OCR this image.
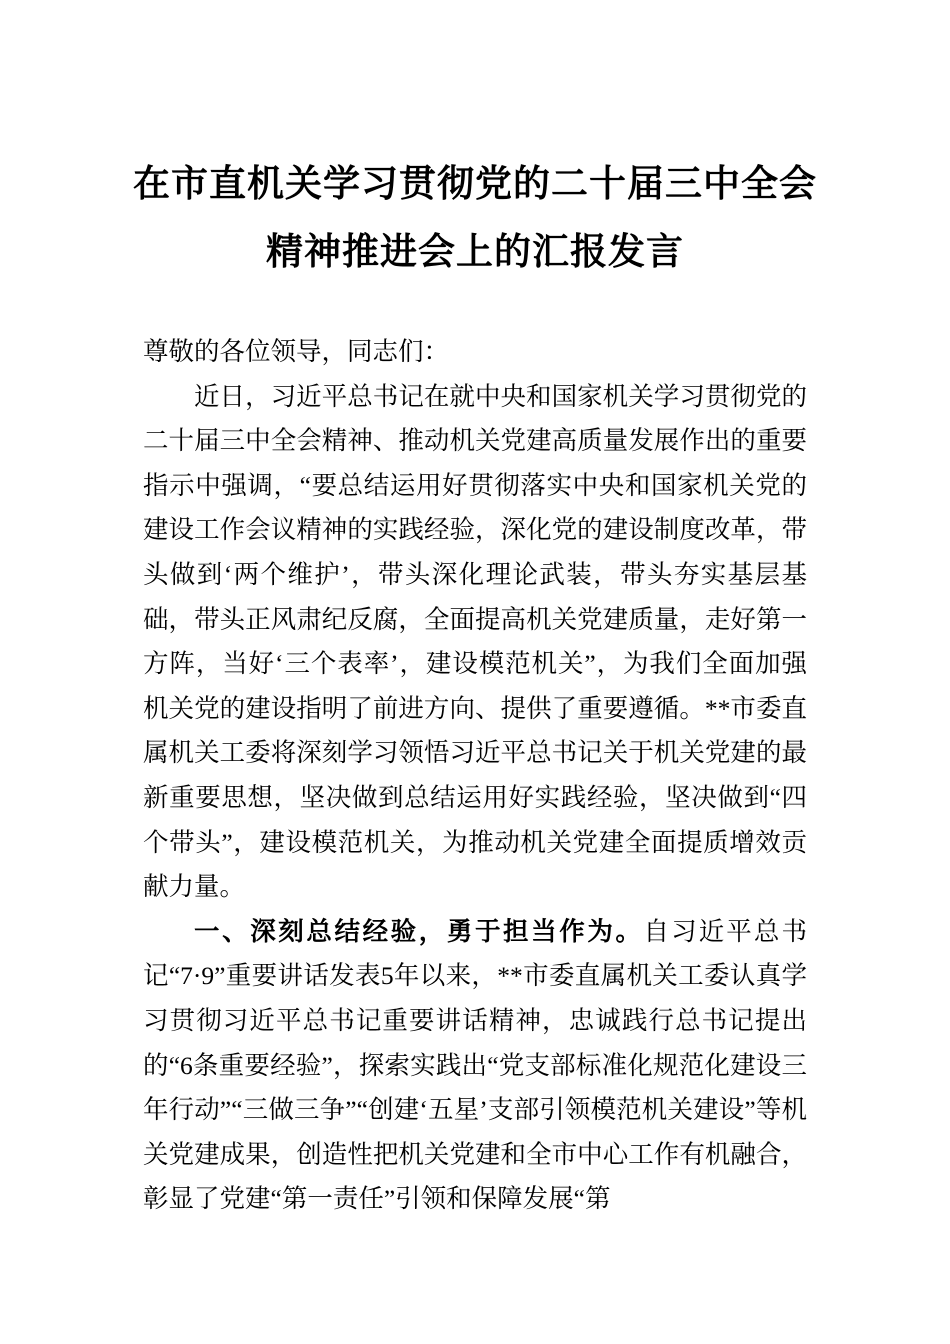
在市直机关学习贯彻党的二十届三中全会
精神推进会上的汇报发言

尊敬的各位领导，同志们：

近日，习近平总书记在就中央和国家机关学习贯彻党的二十届三中全会精神、推动机关党建高质量发展作出的重要指示中强调，“要总结运用好贯彻落实中央和国家机关党的建设工作会议精神的实践经验，深化党的建设制度改革，带头做到‘两个维护’，带头深化理论武装，带头夯实基层基础，带头正风肃纪反腐，全面提高机关党建质量，走好第一方阵，当好‘三个表率’，建设模范机关”，为我们全面加强机关党的建设指明了前进方向、提供了重要遵循。**市委直属机关工委将深刻学习领悟习近平总书记关于机关党建的最新重要思想，坚决做到总结运用好实践经验，坚决做到“四个带头”，建设模范机关，为推动机关党建全面提质增效贡献力量。

一、深刻总结经验，勇于担当作为。自习近平总书记“7·9”重要讲话发表5年以来，**市委直属机关工委认真学习贯彻习近平总书记重要讲话精神，忠诚践行总书记提出的“6条重要经验”，探索实践出“党支部标准化规范化建设三年行动”“三做三争”“创建‘五星’支部引领模范机关建设”等机关党建成果，创造性把机关党建和全市中心工作有机融合，彰显了党建“第一责任”引领和保障发展“第
